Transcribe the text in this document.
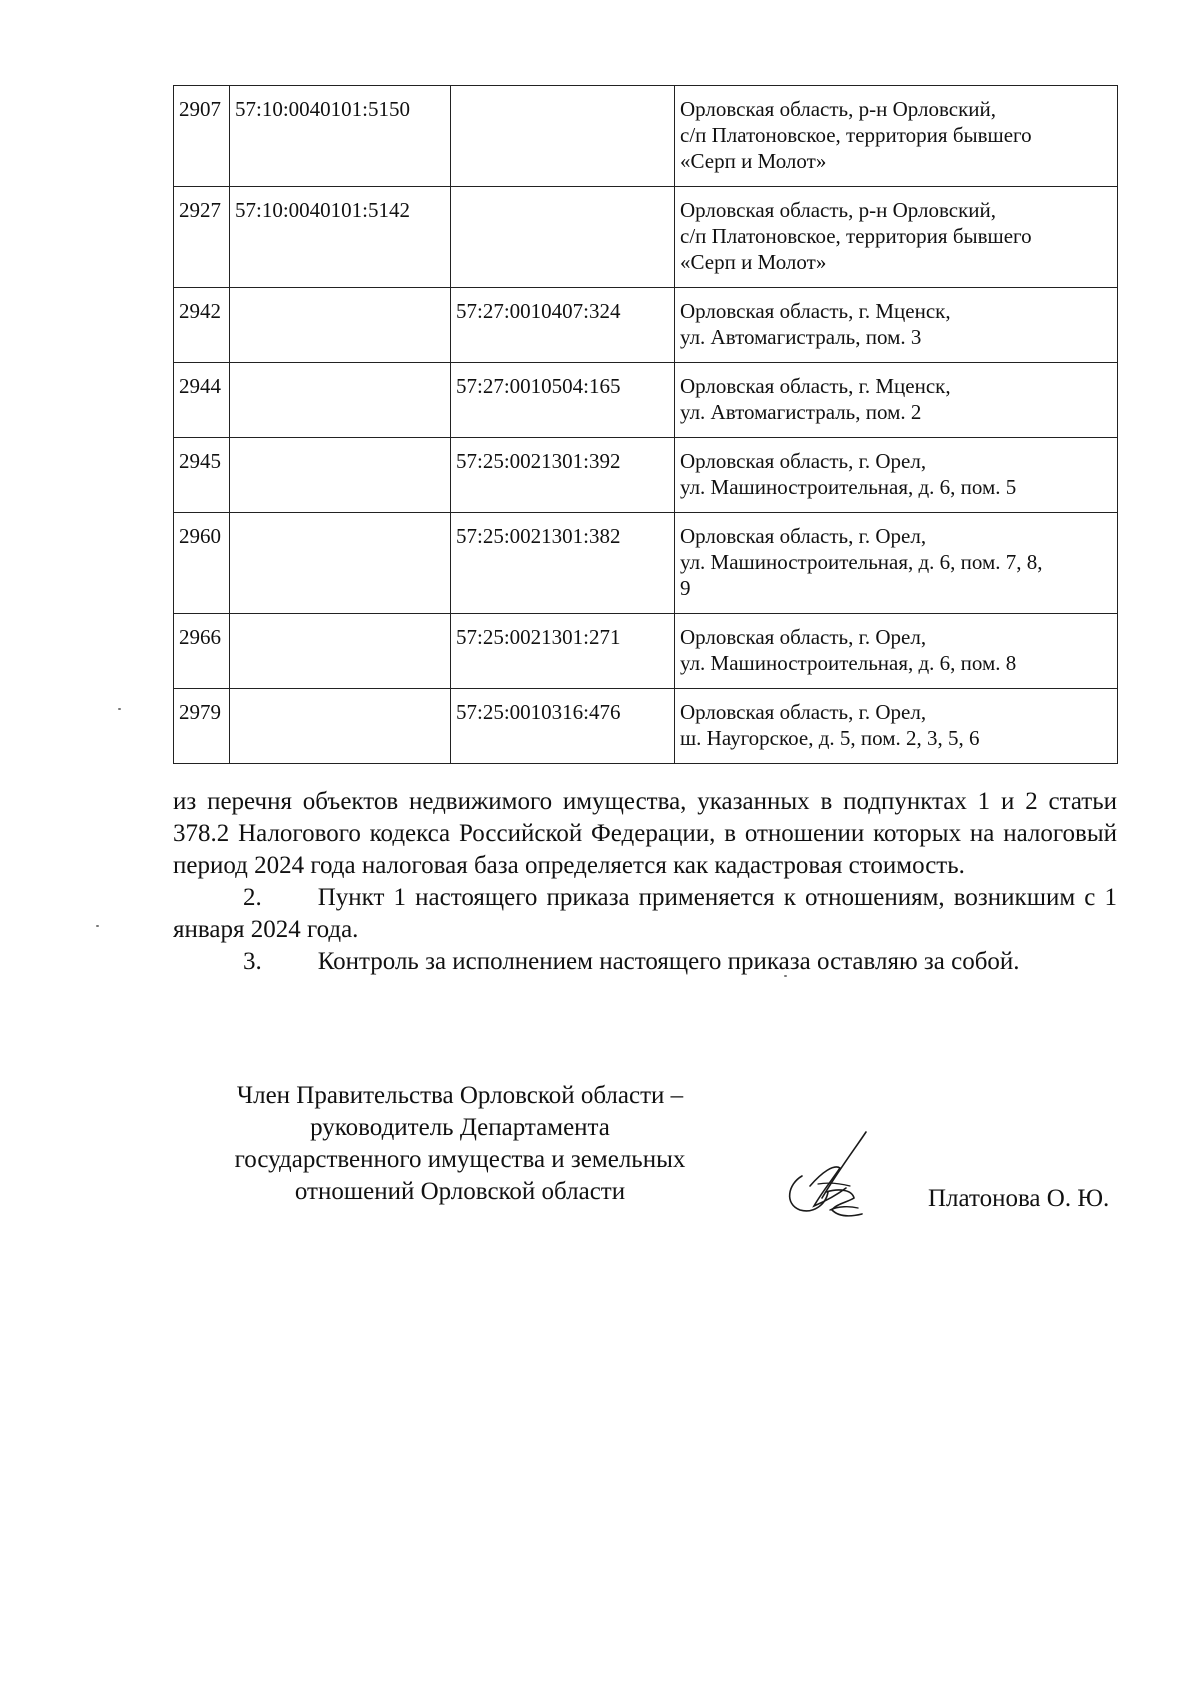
2907	57:10:0040101:5150		Орловская область, р-н Орловский,
с/п Платоновское, территория бывшего
«Серп и Молот»

2927	57:10:0040101:5142		Орловская область, р-н Орловский,
с/п Платоновское, территория бывшего
«Серп и Молот»

2942		57:27:0010407:324	Орловская область, г. Мценск,
ул. Автомагистраль, пом. 3

2944		57:27:0010504:165	Орловская область, г. Мценск,
ул. Автомагистраль, пом. 2

2945		57:25:0021301:392	Орловская область, г. Орел,
ул. Машиностроительная, д. 6, пом. 5

2960		57:25:0021301:382	Орловская область, г. Орел,
ул. Машиностроительная, д. 6, пом. 7, 8,
9

2966		57:25:0021301:271	Орловская область, г. Орел,
ул. Машиностроительная, д. 6, пом. 8

2979		57:25:0010316:476	Орловская область, г. Орел,
ш. Наугорское, д. 5, пом. 2, 3, 5, 6

из перечня объектов недвижимого имущества, указанных в подпунктах 1 и 2 статьи 378.2 Налогового кодекса Российской Федерации, в отношении которых на налоговый период 2024 года налоговая база определяется как кадастровая стоимость.

2. Пункт 1 настоящего приказа применяется к отношениям, возникшим с 1 января 2024 года.

3. Контроль за исполнением настоящего приказа оставляю за собой.

Член Правительства Орловской области –
руководитель Департамента
государственного имущества и земельных
отношений Орловской области	Платонова О. Ю.
